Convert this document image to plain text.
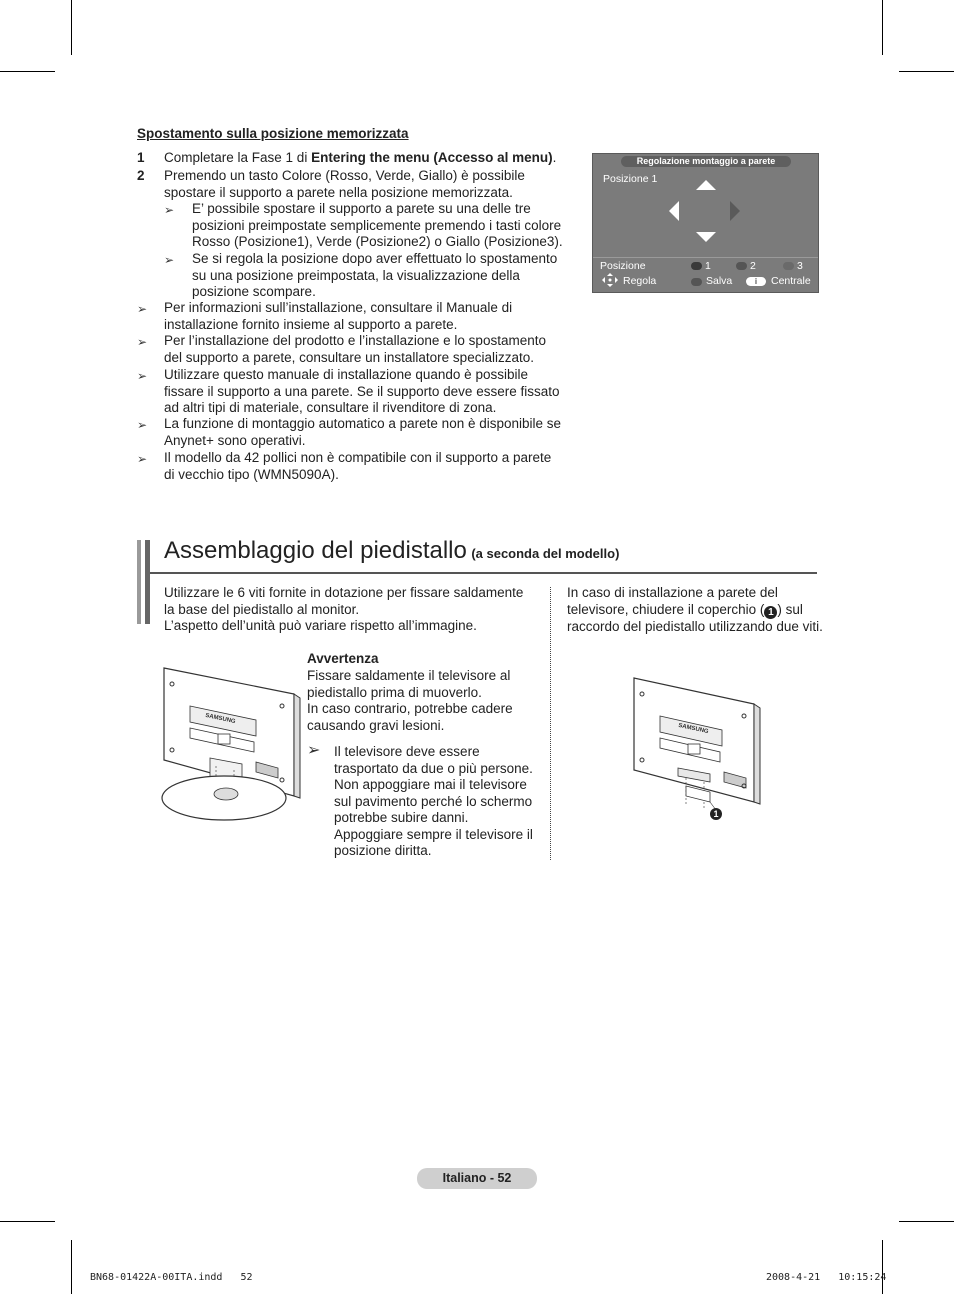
Spostamento sulla posizione memorizzata
1 Completare la Fase 1 di Entering the menu (Accesso al menu).
2 Premendo un tasto Colore (Rosso, Verde, Giallo) è possibile
spostare il supporto a parete nella posizione memorizzata.
➢ E’ possibile spostare il supporto a parete su una delle tre
posizioni preimpostate semplicemente premendo i tasti colore
Rosso (Posizione1), Verde (Posizione2) o Giallo (Posizione3).
➢ Se si regola la posizione dopo aver effettuato lo spostamento
su una posizione preimpostata, la visualizzazione della
posizione scompare.
➢ Per informazioni sull’installazione, consultare il Manuale di
installazione fornito insieme al supporto a parete.
➢ Per l’installazione del prodotto e l’installazione e lo spostamento
del supporto a parete, consultare un installatore specializzato.
➢ Utilizzare questo manuale di installazione quando è possibile
fissare il supporto a una parete. Se il supporto deve essere fissato
ad altri tipi di materiale, consultare il rivenditore di zona.
➢ La funzione di montaggio automatico a parete non è disponibile se
Anynet+ sono operativi.
➢ Il modello da 42 pollici non è compatibile con il supporto a parete
di vecchio tipo (WMN5090A).
Regolazione montaggio a parete
Posizione 1
Posizione	1	2	3
Regola	Salva	i	Centrale
Assemblaggio del piedistallo (a seconda del modello)
Utilizzare le 6 viti fornite in dotazione per fissare saldamente
la base del piedistallo al monitor.
L’aspetto dell’unità può variare rispetto all’immagine.
In caso di installazione a parete del
televisore, chiudere il coperchio ( 1 ) sul
raccordo del piedistallo utilizzando due viti.
Avvertenza
Fissare saldamente il televisore al
piedistallo prima di muoverlo.
In caso contrario, potrebbe cadere
causando gravi lesioni.
➢ Il televisore deve essere
trasportato da due o più persone.
Non appoggiare mai il televisore
sul pavimento perché lo schermo
potrebbe subire danni.
Appoggiare sempre il televisore il
posizione diritta.
SAMSUNG
SAMSUNG
1
Italiano - 52
BN68-01422A-00ITA.indd   52	2008-4-21   10:15:24
